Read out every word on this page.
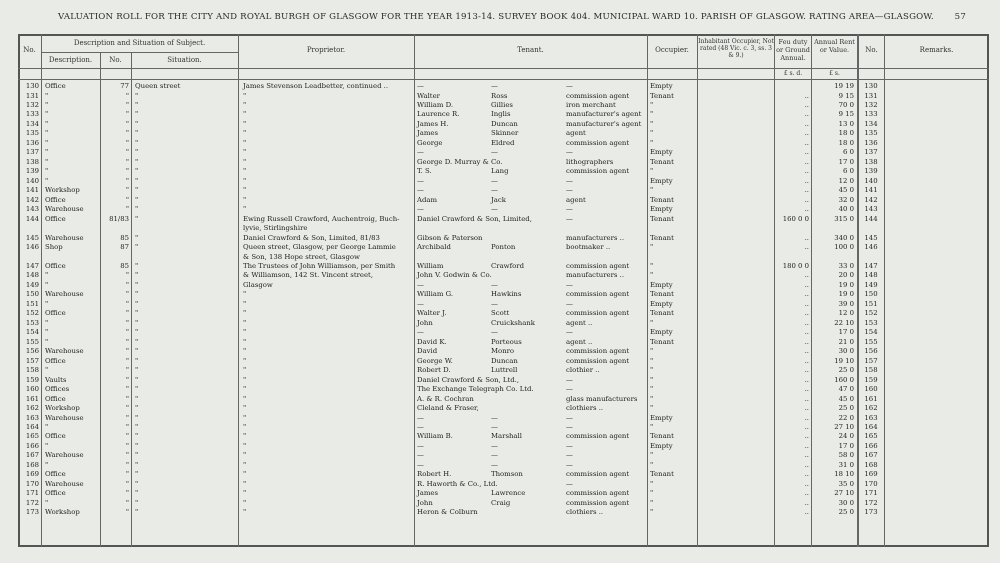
VALUATION ROLL FOR THE CITY AND ROYAL BURGH OF GLASGOW FOR THE YEAR 1913-14. SURVEY BOOK 404. MUNICIPAL WARD 10. PARISH OF GLASGOW. RATING AREA—GLASGOW. 57
No.
Description and Situation of Subject.
Description.	No.	Situation.
Proprietor.	Tenant.	Occupier.
Inhabitant Occupier, Not rated (48 Vic. c. 3, ss. 3 & 9.)
Feu duty or Ground Annual.
Annual Rent or Value.	No.	Remarks.
£ s. d.	£ s.
130 Office	77 Queen street	James Stevenson Leadbetter, continued ..	—	—	—	Empty	19 19	130
131 "	" "	"	Walter	Ross	commission agent	Tenant	..	9 15	131
132 "	" "	"	William D.	Gillies	iron merchant	"	..	70 0	132
133 "	" "	"	Laurence R.	Inglis	manufacturer's agent	"	..	9 15	133
134 "	" "	"	James H.	Duncan	manufacturer's agent	"	..	13 0	134
135 "	" "	"	James	Skinner	agent	"	..	18 0	135
136 "	" "	"	George	Eldred	commission agent	"	..	18 0	136
137 "	" "	"	—	—	—	Empty	..	6 0	137
138 "	" "	"	George D. Murray & Co.	lithographers	Tenant	..	17 0	138
139 "	" "	"	T. S.	Lang	commission agent	"	..	6 0	139
140 "	" "	"	—	—	—	Empty	..	12 0	140
141 Workshop	" "	"	—	—	—	"	..	45 0	141
142 Office	" "	"	Adam	Jack	agent	Tenant	..	32 0	142
143 Warehouse	" "	"	—	—	—	Empty	..	40 0	143
144 Office	81/83 "	Ewing Russell Crawford, Auchentroig, Buch-	Daniel Crawford & Son, Limited,	—	Tenant	160 0 0	315 0	144
lyvie, Stirlingshire
145 Warehouse	85 "	Daniel Crawford & Son, Limited, 81/83	Gibson & Paterson	manufacturers ..	Tenant	..	340 0	145
146 Shop	87 "	Queen street, Glasgow, per George Lammie	Archibald	Ponton	bootmaker ..	"	..	100 0	146
& Son, 138 Hope street, Glasgow
147 Office	85 "	The Trustees of John Williamson, per Smith	William	Crawford	commission agent	"	180 0 0	33 0	147
148 "	" "	& Williamson, 142 St. Vincent street,	John V. Godwin & Co.	manufacturers ..	"	..	20 0	148
149 "	" "	Glasgow	—	—	—	Empty	..	19 0	149
150 Warehouse	" "	"	William G.	Hawkins	commission agent	Tenant	..	19 0	150
151 "	" "	"	—	—	—	Empty	..	39 0	151
152 Office	" "	"	Walter J.	Scott	commission agent	Tenant	..	12 0	152
153 "	" "	"	John	Cruickshank	agent ..	"	..	22 10	153
154 "	" "	"	—	—	—	Empty	..	17 0	154
155 "	" "	"	David K.	Porteous	agent ..	Tenant	..	21 0	155
156 Warehouse	" "	"	David	Monro	commission agent	"	..	30 0	156
157 Office	" "	"	George W.	Duncan	commission agent	"	..	19 10	157
158 "	" "	"	Robert D.	Luttrell	clothier ..	"	..	25 0	158
159 Vaults	" "	"	Daniel Crawford & Son, Ltd.,	—	"	..	160 0	159
160 Offices	" "	"	The Exchange Telegraph Co. Ltd.	—	"	..	47 0	160
161 Office	" "	"	A. & R. Cochran	glass manufacturers	"	..	45 0	161
162 Workshop	" "	"	Cleland & Fraser,	clothiers ..	"	..	25 0	162
163 Warehouse	" "	"	—	—	—	Empty	..	22 0	163
164 "	" "	"	—	—	—	"	..	27 10	164
165 Office	" "	"	William B.	Marshall	commission agent	Tenant	..	24 0	165
166 "	" "	"	—	—	—	Empty	..	17 0	166
167 Warehouse	" "	"	—	—	—	"	..	58 0	167
168 "	" "	"	—	—	—	"	..	31 0	168
169 Office	" "	"	Robert H.	Thomson	commission agent	Tenant	..	18 10	169
170 Warehouse	" "	"	R. Haworth & Co., Ltd.	—	"	..	35 0	170
171 Office	" "	"	James	Lawrence	commission agent	"	..	27 10	171
172 "	" "	"	John	Craig	commission agent	"	..	30 0	172
173 Workshop	" "	"	Heron & Colburn	clothiers ..	"	..	25 0	173
